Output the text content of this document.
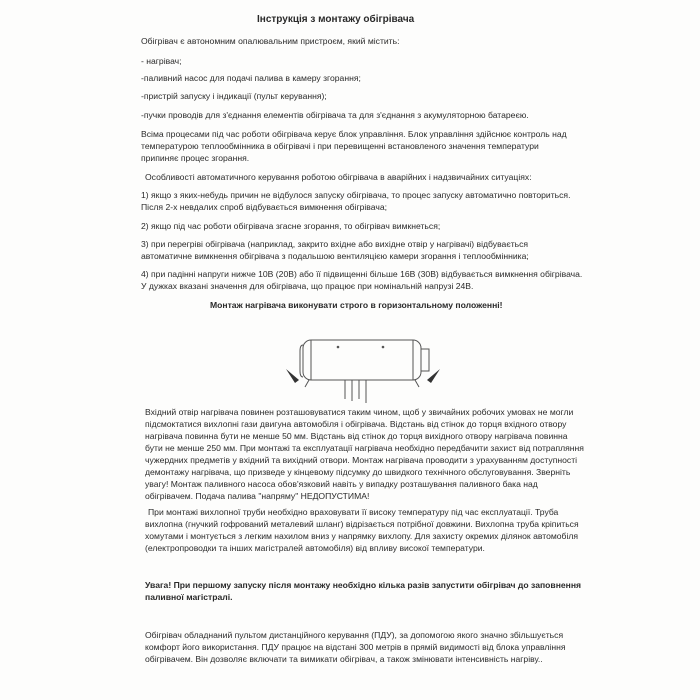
Інструкція з монтажу обігрівача
Обігрівач є автономним опалювальним пристроєм, який містить:
- нагрівач;
-паливний насос для подачі палива в камеру згорання;
-пристрій запуску і індикації (пульт керування);
-пучки проводів для з'єднання елементів обігрівача та для з'єднання з акумуляторною батареєю.
Всіма процесами під час роботи обігрівача керує блок управління. Блок управління здійснює контроль над
температурою теплообмінника в обігрівачі і при перевищенні встановленого значення температури
припиняє процес згорання.
Особливості автоматичного керування роботою обігрівача в аварійних і надзвичайних ситуаціях:
1) якщо з яких-небудь причин не відбулося запуску обігрівача, то процес запуску автоматично повториться.
Після 2-х невдалих спроб відбувається вимкнення обігрівача;
2) якщо під час роботи обігрівача згасне згорання, то обігрівач вимкнеться;
3) при перегріві обігрівача (наприклад, закрито вхідне або вихідне отвір у нагрівачі) відбувається
автоматичне вимкнення обігрівача з подальшою вентиляцією камери згорання і теплообмінника;
4) при падінні напруги нижче 10В (20В) або її підвищенні більше 16В (30В) відбувається вимкнення обігрівача.
У дужках вказані значення для обігрівача, що працює при номінальній напрузі 24В.
Монтаж нагрівача виконувати строго в горизонтальному положенні!
Вхідний отвір нагрівача повинен розташовуватися таким чином, щоб у звичайних робочих умовах не могли
підсмоктатися вихлопні гази двигуна автомобіля і обігрівача. Відстань від стінок до торця вхідного отвору
нагрівача повинна бути не менше 50 мм. Відстань від стінок до торця вихідного отвору нагрівача повинна
бути не менше 250 мм. При монтажі та експлуатації нагрівача необхідно передбачити захист від потрапляння
чужердних предметів у вхідний та вихідний отвори. Монтаж нагрівача проводити з урахуванням доступності
демонтажу нагрівача, що призведе у кінцевому підсумку до швидкого технічного обслуговування. Зверніть
увагу! Монтаж паливного насоса обов'язковий навіть у випадку розташування паливного бака над
обігрівачем. Подача палива "напряму" НЕДОПУСТИМА!
При монтажі вихлопної труби необхідно враховувати її високу температуру під час експлуатації. Труба
вихлопна (гнучкий гофрований металевий шланг) відрізається потрібної довжини. Вихлопна труба кріпиться
хомутами і монтується з легким нахилом вниз у напрямку вихлопу. Для захисту окремих ділянок автомобіля
(електропроводки та інших магістралей автомобіля) від впливу високої температури.
Увага! При першому запуску після монтажу необхідно кілька разів запустити обігрівач до заповнення
паливної магістралі.
Обігрівач обладнаний пультом дистанційного керування (ПДУ), за допомогою якого значно збільшується
комфорт його використання. ПДУ працює на відстані 300 метрів в прямій видимості від блока управління
обігрівачем. Він дозволяє включати та вимикати обігрівач, а також змінювати інтенсивність нагріву..
